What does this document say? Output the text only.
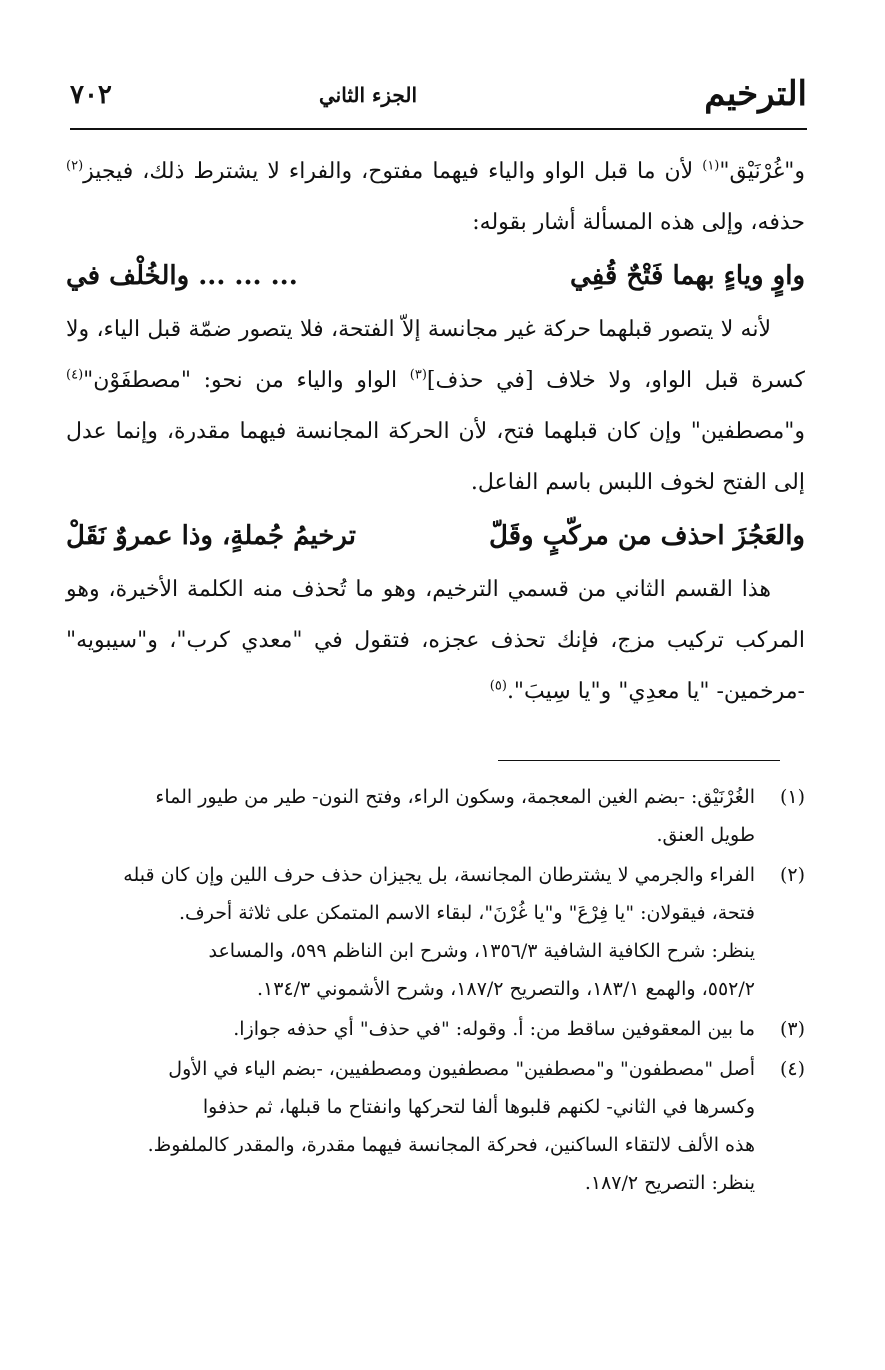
الترخيم
الجزء الثاني
٧٠٢

و"غُرْنَيْق"$^{(١)}$ لأن ما قبل الواو والياء فيهما مفتوح، والفراء لا يشترط ذلك، فيجيز$^{(٢)}$ حذفه، وإلى هذه المسألة أشار بقوله:

واوٍ وياءٍ بهما فَتْحٌ قُفِي
... ... ... والخُلْف في

لأنه لا يتصور قبلهما حركة غير مجانسة إلاّ الفتحة، فلا يتصور ضمّة قبل الياء، ولا كسرة قبل الواو، ولا خلاف [في حذف]$^{(٣)}$ الواو والياء من نحو: "مصطفَوْن"$^{(٤)}$ و"مصطفين" وإن كان قبلهما فتح، لأن الحركة المجانسة فيهما مقدرة، وإنما عدل إلى الفتح لخوف اللبس باسم الفاعل.

والعَجُزَ احذف من مركّبٍ وقَلّ
ترخيمُ جُملةٍ، وذا عمروٌ نَقَلْ

هذا القسم الثاني من قسمي الترخيم، وهو ما تُحذف منه الكلمة الأخيرة، وهو المركب تركيب مزج، فإنك تحذف عجزه، فتقول في "معدي كرب"، و"سيبويه" -مرخمين- "يا معدِي" و"يا سِيبَ".$^{(٥)}$

(١)
الغُرْنَيْق: -بضم الغين المعجمة، وسكون الراء، وفتح النون- طير من طيور الماء
طويل العنق.
(٢)
الفراء والجرمي لا يشترطان المجانسة، بل يجيزان حذف حرف اللين وإن كان قبله
فتحة، فيقولان: "يا فِرْعَ" و"يا غُرْنَ"، لبقاء الاسم المتمكن على ثلاثة أحرف.
ينظر: شرح الكافية الشافية ١٣٥٦/٣، وشرح ابن الناظم ٥٩٩، والمساعد
٥٥٢/٢، والهمع ١٨٣/١، والتصريح ١٨٧/٢، وشرح الأشموني ١٣٤/٣.
(٣)
ما بين المعقوفين ساقط من: أ. وقوله: "في حذف" أي حذفه جوازا.
(٤)
أصل "مصطفون" و"مصطفين" مصطفيون ومصطفيين، -بضم الياء في الأول
وكسرها في الثاني- لكنهم قلبوها ألفا لتحركها وانفتاح ما قبلها، ثم حذفوا
هذه الألف لالتقاء الساكنين، فحركة المجانسة فيهما مقدرة، والمقدر كالملفوظ.
ينظر: التصريح ١٨٧/٢.
